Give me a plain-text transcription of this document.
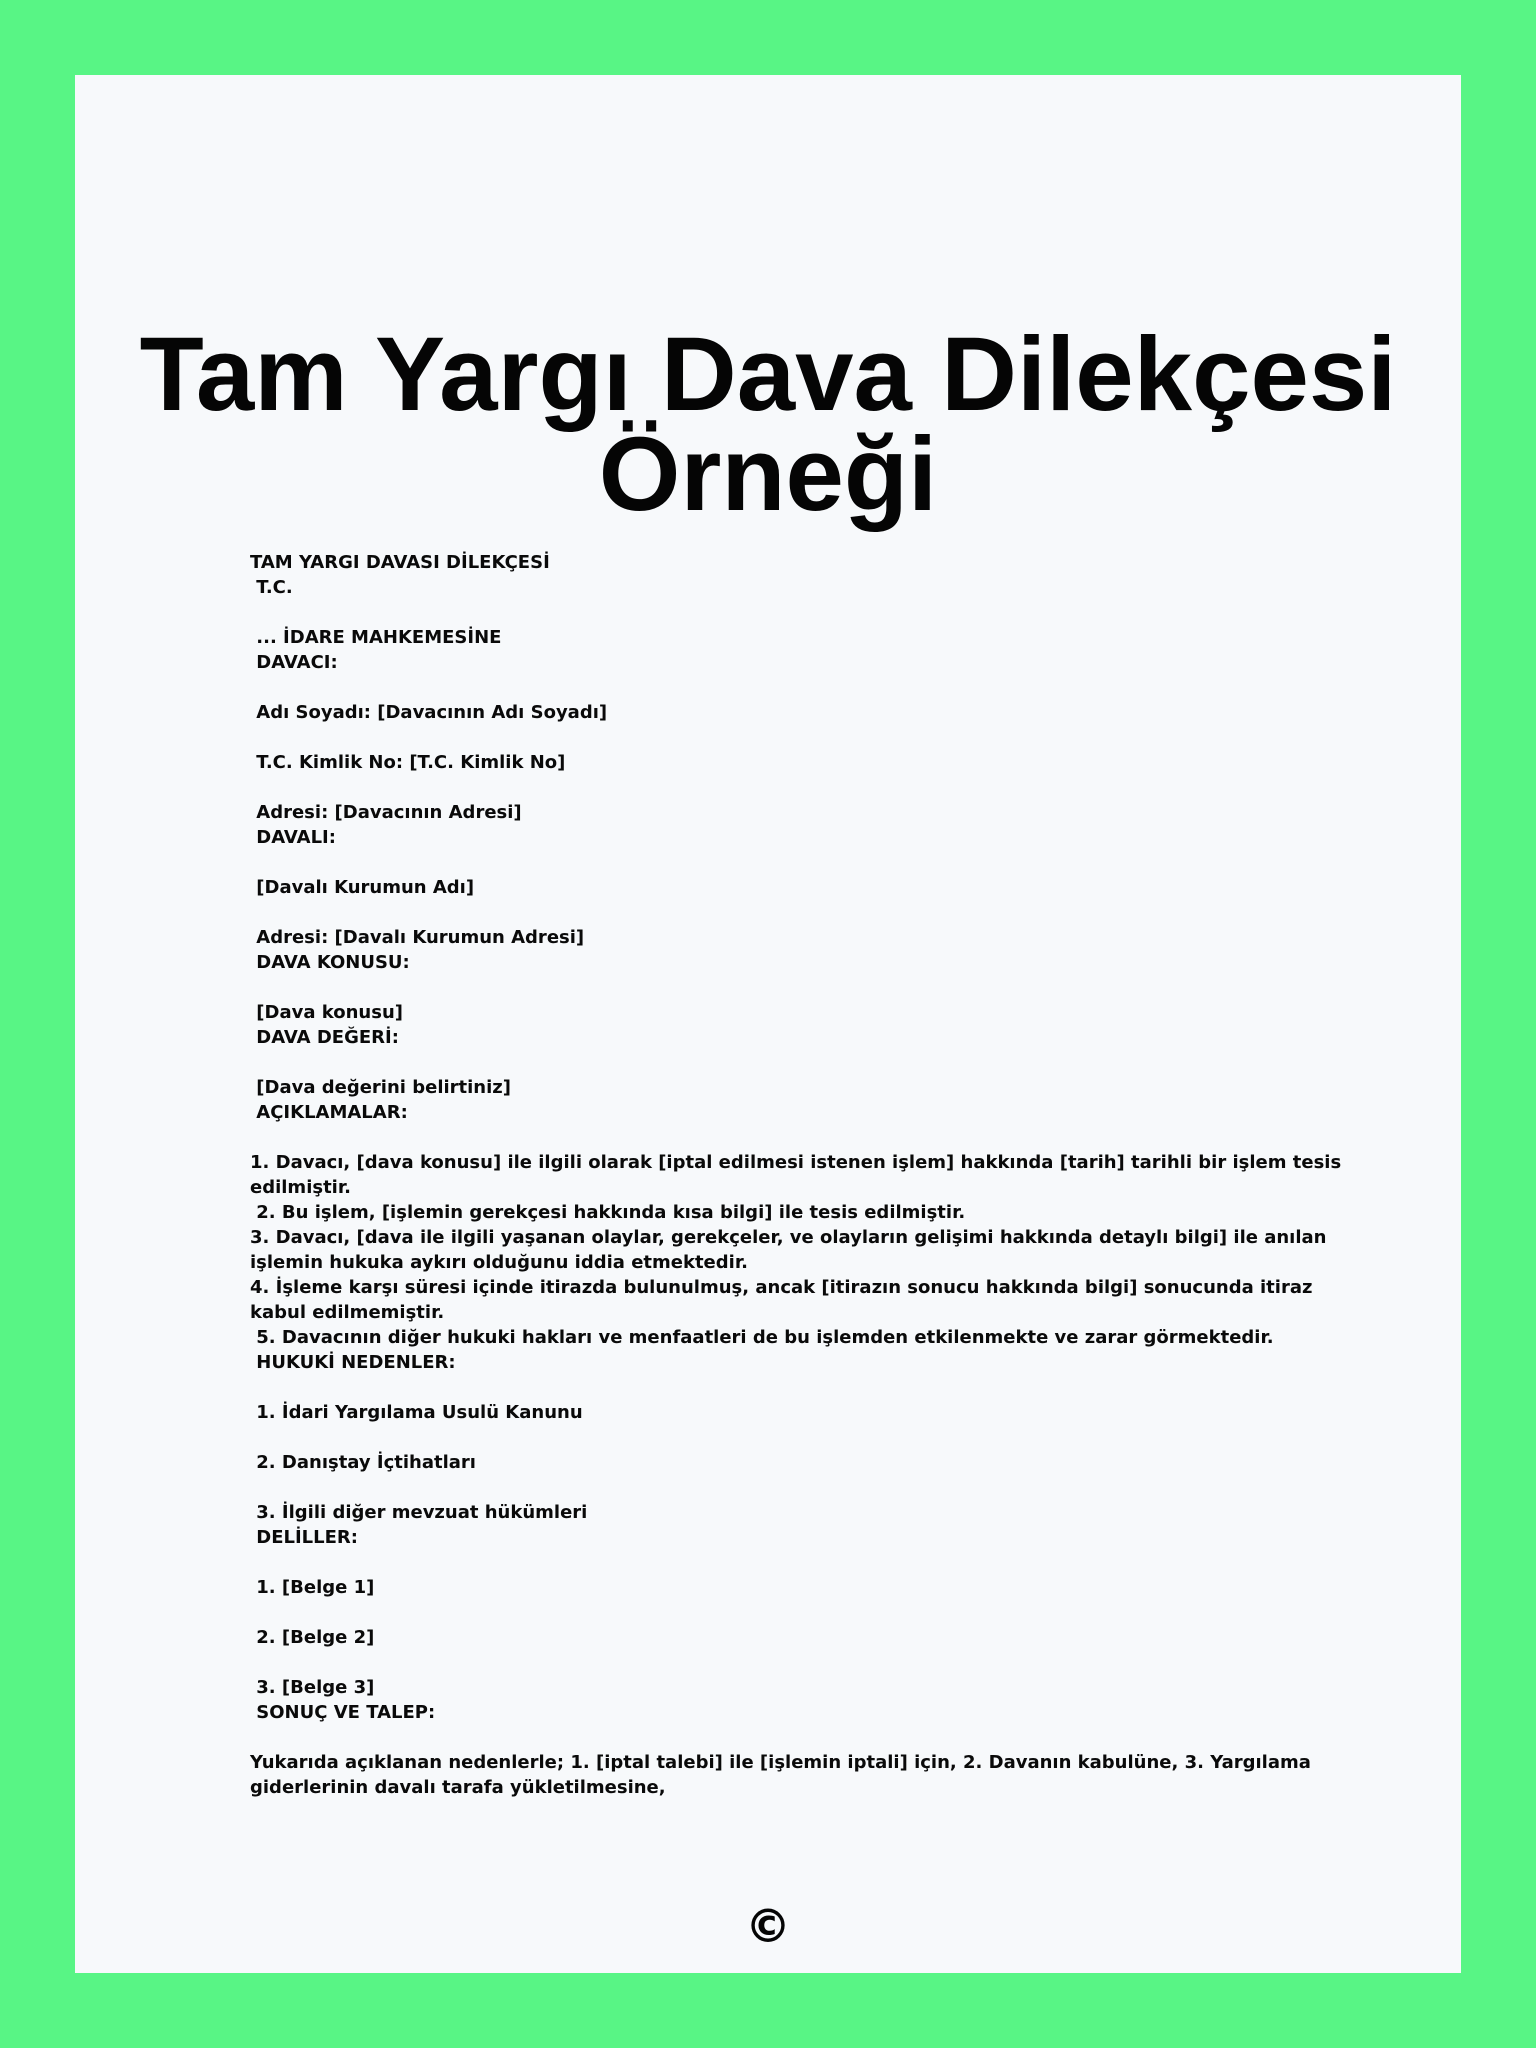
Tam Yargı Dava Dilekçesi
Örneği
TAM YARGI DAVASI DİLEKÇESİ
T.C.
... İDARE MAHKEMESİNE
DAVACI:
Adı Soyadı: [Davacının Adı Soyadı]
T.C. Kimlik No: [T.C. Kimlik No]
Adresi: [Davacının Adresi]
DAVALI:
[Davalı Kurumun Adı]
Adresi: [Davalı Kurumun Adresi]
DAVA KONUSU:
[Dava konusu]
DAVA DEĞERİ:
[Dava değerini belirtiniz]
AÇIKLAMALAR:
1. Davacı, [dava konusu] ile ilgili olarak [iptal edilmesi istenen işlem] hakkında [tarih] tarihli bir işlem tesis
edilmiştir.
2. Bu işlem, [işlemin gerekçesi hakkında kısa bilgi] ile tesis edilmiştir.
3. Davacı, [dava ile ilgili yaşanan olaylar, gerekçeler, ve olayların gelişimi hakkında detaylı bilgi] ile anılan
işlemin hukuka aykırı olduğunu iddia etmektedir.
4. İşleme karşı süresi içinde itirazda bulunulmuş, ancak [itirazın sonucu hakkında bilgi] sonucunda itiraz
kabul edilmemiştir.
5. Davacının diğer hukuki hakları ve menfaatleri de bu işlemden etkilenmekte ve zarar görmektedir.
HUKUKİ NEDENLER:
1. İdari Yargılama Usulü Kanunu
2. Danıştay İçtihatları
3. İlgili diğer mevzuat hükümleri
DELİLLER:
1. [Belge 1]
2. [Belge 2]
3. [Belge 3]
SONUÇ VE TALEP:
Yukarıda açıklanan nedenlerle; 1. [iptal talebi] ile [işlemin iptali] için, 2. Davanın kabulüne, 3. Yargılama
giderlerinin davalı tarafa yükletilmesine,
©
